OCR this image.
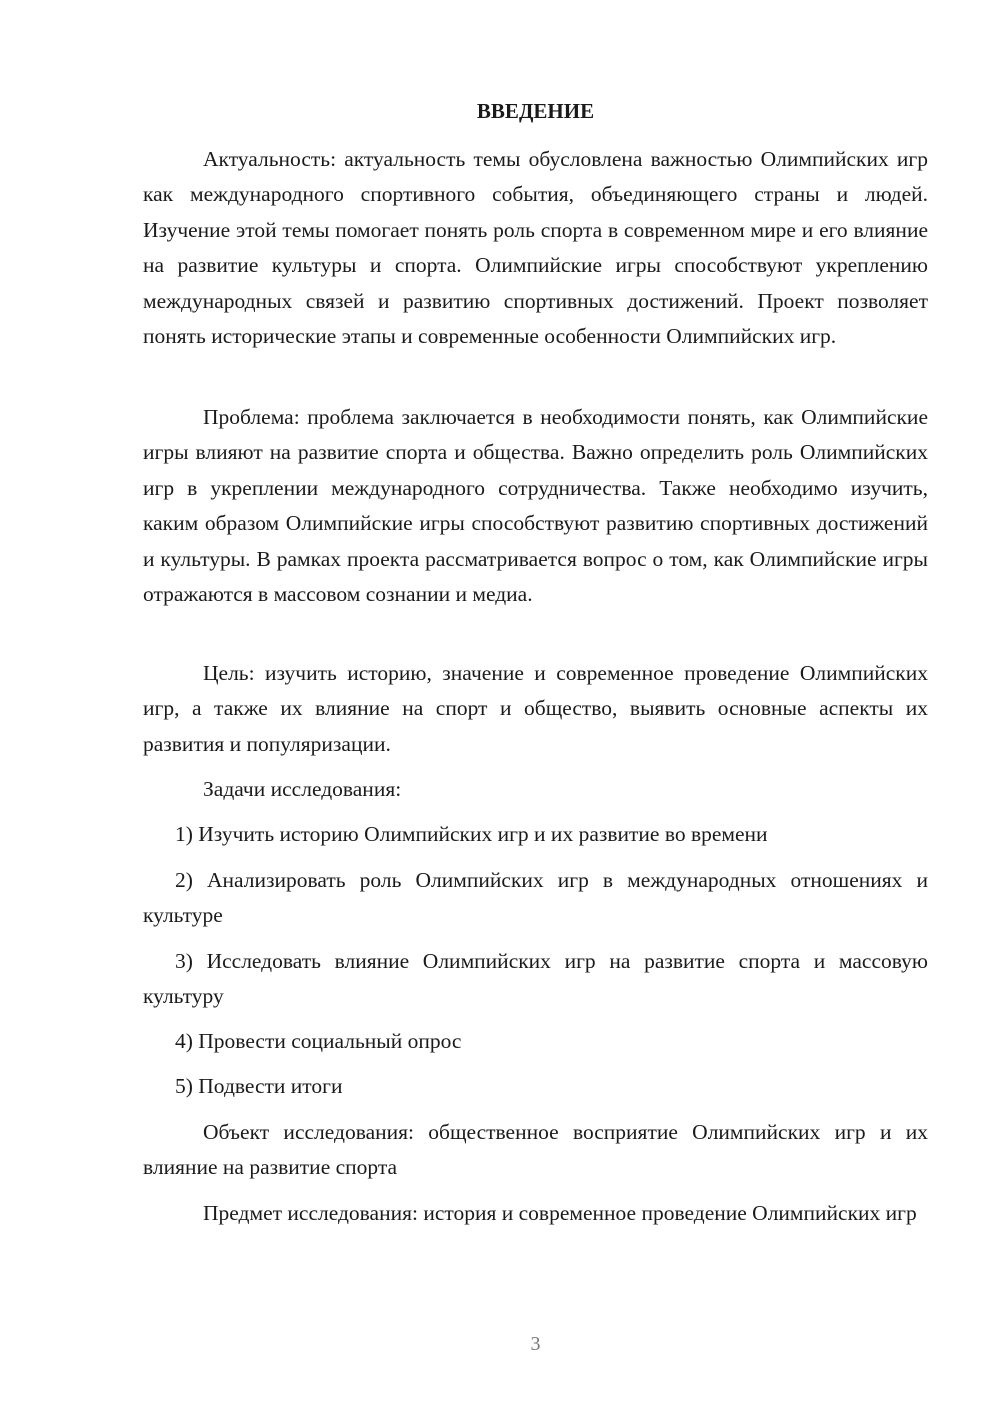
ВВЕДЕНИЕ

Актуальность: актуальность темы обусловлена важностью Олимпийских игр как международного спортивного события, объединяющего страны и людей. Изучение этой темы помогает понять роль спорта в современном мире и его влияние на развитие культуры и спорта. Олимпийские игры способствуют укреплению международных связей и развитию спортивных достижений. Проект позволяет понять исторические этапы и современные особенности Олимпийских игр.

Проблема: проблема заключается в необходимости понять, как Олимпийские игры влияют на развитие спорта и общества. Важно определить роль Олимпийских игр в укреплении международного сотрудничества. Также необходимо изучить, каким образом Олимпийские игры способствуют развитию спортивных достижений и культуры. В рамках проекта рассматривается вопрос о том, как Олимпийские игры отражаются в массовом сознании и медиа.

Цель: изучить историю, значение и современное проведение Олимпийских игр, а также их влияние на спорт и общество, выявить основные аспекты их развития и популяризации.

Задачи исследования:

1) Изучить историю Олимпийских игр и их развитие во времени

2) Анализировать роль Олимпийских игр в международных отношениях и культуре

3) Исследовать влияние Олимпийских игр на развитие спорта и массовую культуру

4) Провести социальный опрос

5) Подвести итоги

Объект исследования: общественное восприятие Олимпийских игр и их влияние на развитие спорта

Предмет исследования: история и современное проведение Олимпийских игр

3
